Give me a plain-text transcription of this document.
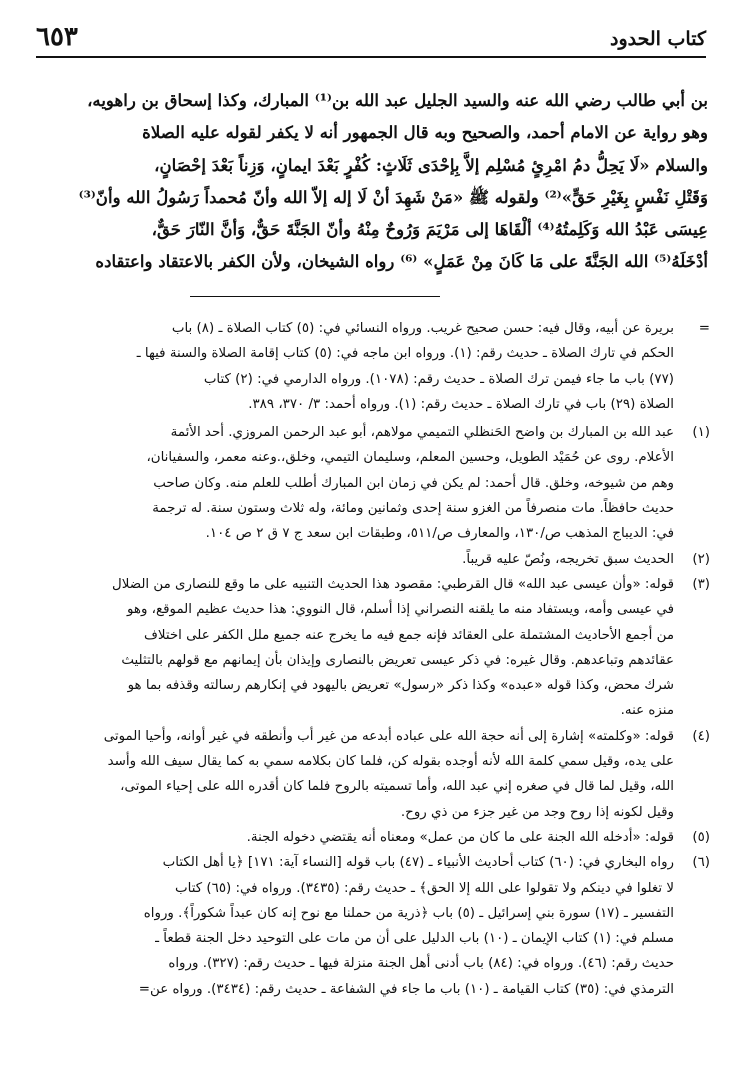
كتاب الحدود
٦٥٣
بن أبي طالب رضي الله عنه والسيد الجليل عبد الله بن⁽¹⁾ المبارك، وكذا إسحاق بن راهويه،
وهو رواية عن الامام أحمد، والصحيح وبه قال الجمهور أنه لا يكفر لقوله عليه الصلاة
والسلام «لَا يَحِلُّ دمُ امْرِئٍ مُسْلِم إلاَّ بِإحْدَى ثَلَاثٍ: كُفْرٍ بَعْدَ ايمانٍ، وَزِناً بَعْدَ إحْصَانٍ،
وَقَتْلِ نَفْسٍ بِغَيْرِ حَقٍّ»⁽²⁾ ولقوله ﷺ «مَنْ شَهِدَ أنْ لَا إله إلاّ الله وأنّ مُحمداً رَسُولُ الله وأنّ⁽³⁾
عِيسَى عَبْدُ الله وَكَلِمتُهُ⁽⁴⁾ ألْقَاهَا إلى مَرْيَمَ وَرُوحٌ مِنْهُ وأنّ الجَنَّةَ حَقٌّ، وَأنَّ النّارَ حَقٌّ،
أدْخَلَهُ⁽⁵⁾ الله الجَنَّةَ على مَا كَانَ مِنْ عَمَلٍ» ⁽⁶⁾ رواه الشيخان، ولأن الكفر بالاعتقاد واعتقاده
=
بريرة عن أبيه، وقال فيه: حسن صحيح غريب. ورواه النسائي في: (٥) كتاب الصلاة ـ (٨) باب
الحكم في تارك الصلاة ـ حديث رقم: (١). ورواه ابن ماجه في: (٥) كتاب إقامة الصلاة والسنة فيها ـ
(٧٧) باب ما جاء فيمن ترك الصلاة ـ حديث رقم: (١٠٧٨). ورواه الدارمي في: (٢) كتاب
الصلاة (٢٩) باب في تارك الصلاة ـ حديث رقم: (١). ورواه أحمد: ٣/ ٣٧٠، ٣٨٩.
(١)
عبد الله بن المبارك بن واضح الحَنظلي التميمي مولاهم، أبو عبد الرحمن المروزي. أحد الأئمة
الأعلام. روى عن حُمَيْد الطويل، وحسين المعلم، وسليمان التيمي، وخلق،.وعنه معمر، والسفيانان،
وهم من شيوخه، وخلق. قال أحمد: لم يكن في زمان ابن المبارك أطلب للعلم منه. وكان صاحب
حديث حافظاً. مات منصرفاً من الغزو سنة إحدى وثمانين ومائة، وله ثلاث وستون سنة. له ترجمة
في: الديباج المذهب ص/١٣٠، والمعارف ص/٥١١، وطبقات ابن سعد ج ٧ ق ٢ ص ١٠٤.
(٢)
الحديث سبق تخريجه، ونُصّ عليه قريباً.
(٣)
قوله: «وأن عيسى عبد الله» قال القرطبي: مقصود هذا الحديث التنبيه على ما وقع للنصارى من الضلال
في عيسى وأمه، ويستفاد منه ما يلقنه النصراني إذا أسلم، قال النووي: هذا حديث عظيم الموقع، وهو
من أجمع الأحاديث المشتملة على العقائد فإنه جمع فيه ما يخرج عنه جميع ملل الكفر على اختلاف
عقائدهم وتباعدهم. وقال غيره: في ذكر عيسى تعريض بالنصارى وإيذان بأن إيمانهم مع قولهم بالتثليث
شرك محض، وكذا قوله «عبده» وكذا ذكر «رسول» تعريض باليهود في إنكارهم رسالته وقذفه بما هو
منزه عنه.
(٤)
قوله: «وكلمته» إشارة إلى أنه حجة الله على عباده أبدعه من غير أب وأنطقه في غير أوانه، وأحيا الموتى
على يده، وقيل سمي كلمة الله لأنه أوجده بقوله كن، فلما كان بكلامه سمي به كما يقال سيف الله وأسد
الله، وقيل لما قال في صغره إني عبد الله، وأما تسميته بالروح فلما كان أقدره الله على إحياء الموتى،
وقيل لكونه إذا روح وجد من غير جزء من ذي روح.
(٥)
قوله: «أدخله الله الجنة على ما كان من عمل» ومعناه أنه يقتضي دخوله الجنة.
(٦)
رواه البخاري في: (٦٠) كتاب أحاديث الأنبياء ـ (٤٧) باب قوله [النساء آية: ١٧١] ﴿يا أهل الكتاب
لا تغلوا في دينكم ولا تقولوا على الله إلا الحق﴾ ـ حديث رقم: (٣٤٣٥). ورواه في: (٦٥) كتاب
التفسير ـ (١٧) سورة بني إسرائيل ـ (٥) باب ﴿ذرية من حملنا مع نوح إنه كان عبداً شكوراً﴾. ورواه
مسلم في: (١) كتاب الإيمان ـ (١٠) باب الدليل على أن من مات على التوحيد دخل الجنة قطعاً ـ
حديث رقم: (٤٦). ورواه في: (٨٤) باب أدنى أهل الجنة منزلة فيها ـ حديث رقم: (٣٢٧). ورواه
الترمذي في: (٣٥) كتاب القيامة ـ (١٠) باب ما جاء في الشفاعة ـ حديث رقم: (٣٤٣٤). ورواه عن=
